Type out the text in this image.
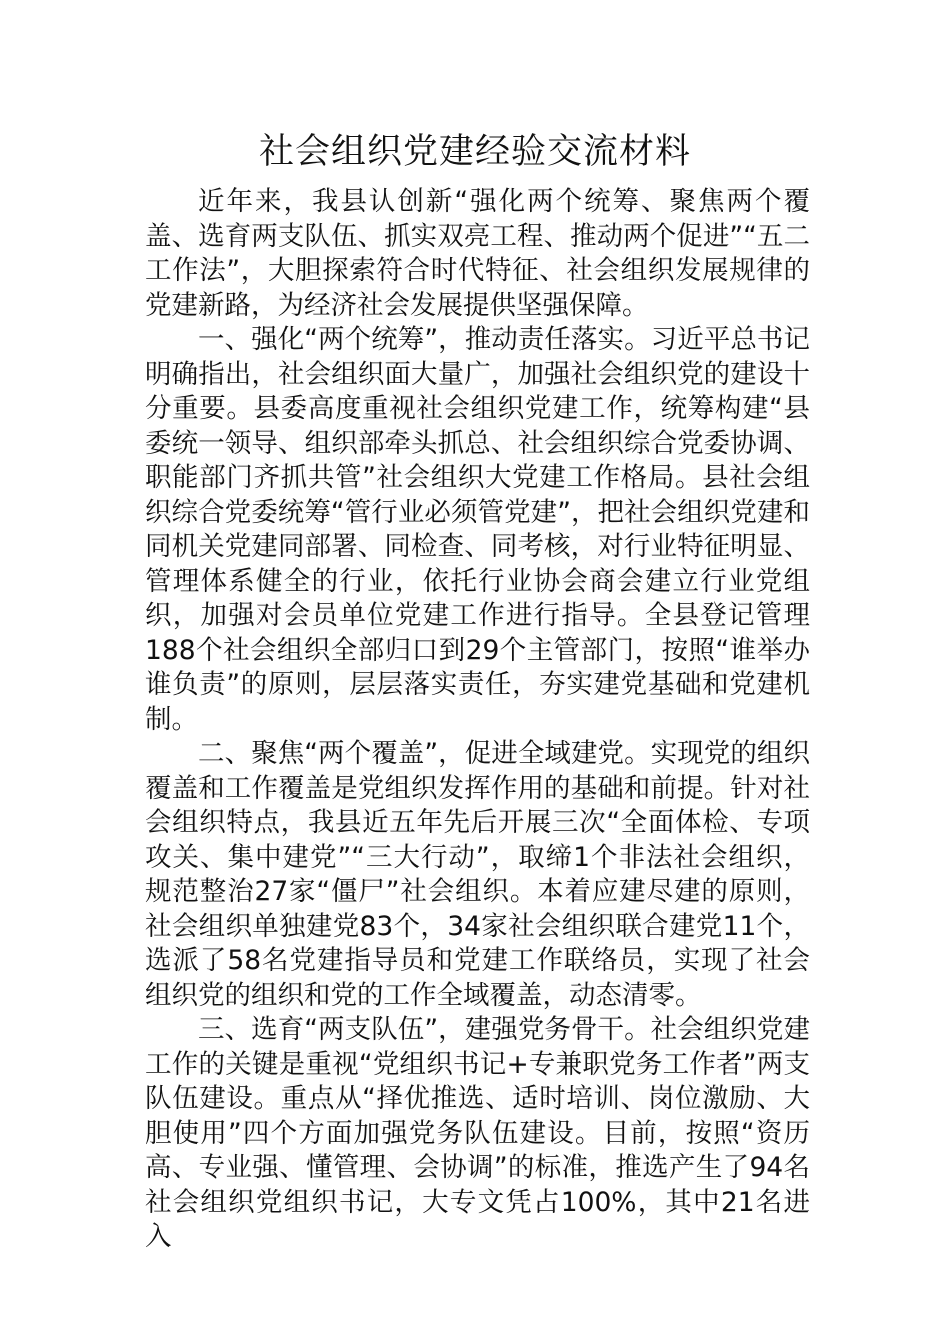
社会组织党建经验交流材料

近年来，我县认创新“强化两个统筹、聚焦两个覆盖、选育两支队伍、抓实双亮工程、推动两个促进”“五二工作法”，大胆探索符合时代特征、社会组织发展规律的党建新路，为经济社会发展提供坚强保障。

一、强化“两个统筹”，推动责任落实。习近平总书记明确指出，社会组织面大量广，加强社会组织党的建设十分重要。县委高度重视社会组织党建工作，统筹构建“县委统一领导、组织部牵头抓总、社会组织综合党委协调、职能部门齐抓共管”社会组织大党建工作格局。县社会组织综合党委统筹“管行业必须管党建”，把社会组织党建和同机关党建同部署、同检查、同考核，对行业特征明显、管理体系健全的行业，依托行业协会商会建立行业党组织，加强对会员单位党建工作进行指导。全县登记管理188个社会组织全部归口到29个主管部门，按照“谁举办谁负责”的原则，层层落实责任，夯实建党基础和党建机制。

二、聚焦“两个覆盖”，促进全域建党。实现党的组织覆盖和工作覆盖是党组织发挥作用的基础和前提。针对社会组织特点，我县近五年先后开展三次“全面体检、专项攻关、集中建党”“三大行动”，取缔1个非法社会组织，规范整治27家“僵尸”社会组织。本着应建尽建的原则，社会组织单独建党83个，34家社会组织联合建党11个，选派了58名党建指导员和党建工作联络员，实现了社会组织党的组织和党的工作全域覆盖，动态清零。

三、选育“两支队伍”，建强党务骨干。社会组织党建工作的关键是重视“党组织书记+专兼职党务工作者”两支队伍建设。重点从“择优推选、适时培训、岗位激励、大胆使用”四个方面加强党务队伍建设。目前，按照“资历高、专业强、懂管理、会协调”的标准，推选产生了94名社会组织党组织书记，大专文凭占100%，其中21名进入
